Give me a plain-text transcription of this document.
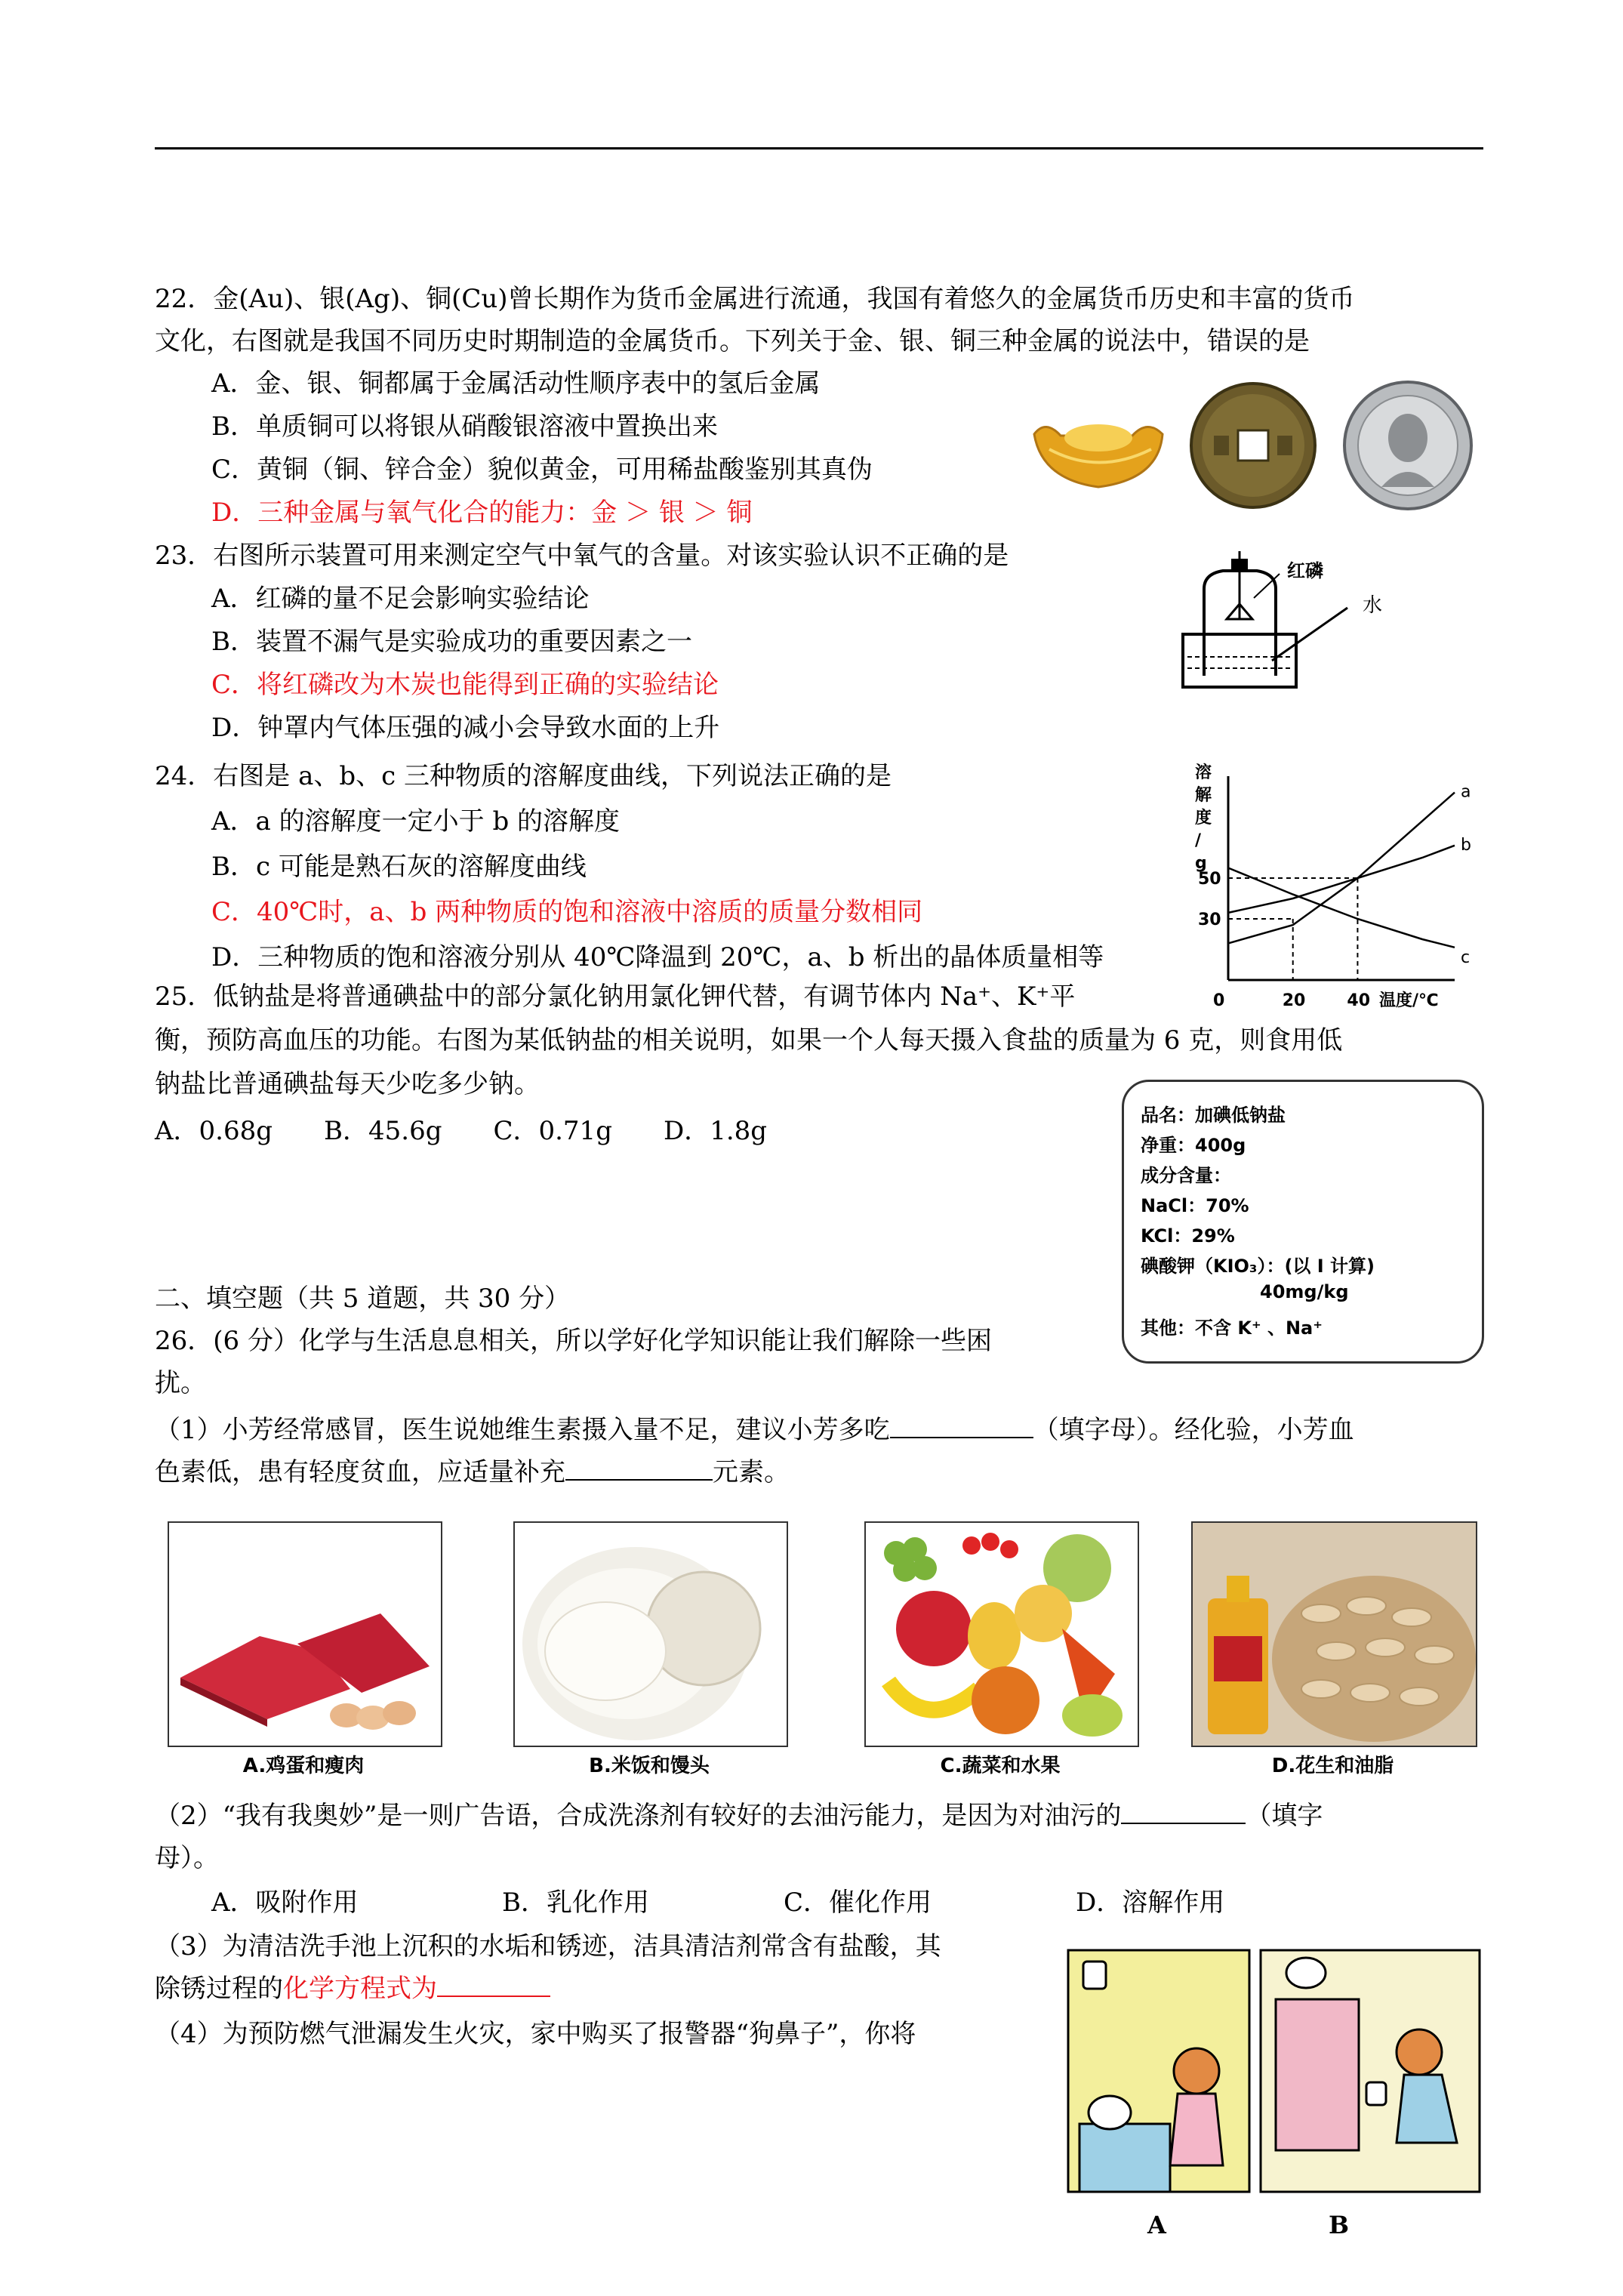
22．金(Au)、银(Ag)、铜(Cu)曾长期作为货币金属进行流通，我国有着悠久的金属货币历史和丰富的货币
文化，右图就是我国不同历史时期制造的金属货币。下列关于金、银、铜三种金属的说法中，错误的是
A．金、银、铜都属于金属活动性顺序表中的氢后金属
B．单质铜可以将银从硝酸银溶液中置换出来
C．黄铜（铜、锌合金）貌似黄金，可用稀盐酸鉴别其真伪
D．三种金属与氧气化合的能力：金 ＞ 银 ＞ 铜
23．右图所示装置可用来测定空气中氧气的含量。对该实验认识不正确的是
A．红磷的量不足会影响实验结论
B．装置不漏气是实验成功的重要因素之一
C．将红磷改为木炭也能得到正确的实验结论
D．钟罩内气体压强的减小会导致水面的上升
红磷
水
24．右图是 a、b、c 三种物质的溶解度曲线，下列说法正确的是
A．a 的溶解度一定小于 b 的溶解度
B．c 可能是熟石灰的溶解度曲线
C．40℃时，a、b 两种物质的饱和溶液中溶质的质量分数相同
D．三种物质的饱和溶液分别从 40℃降温到 20℃，a、b 析出的晶体质量相等
溶
解
度
/
g
温度/℃
0	20	40
30
50
a
b
c
25．低钠盐是将普通碘盐中的部分氯化钠用氯化钾代替，有调节体内 Na⁺、K⁺平
衡，预防高血压的功能。右图为某低钠盐的相关说明，如果一个人每天摄入食盐的质量为 6 克，则食用低
钠盐比普通碘盐每天少吃多少钠。
A．0.68g　　B．45.6g　　C．0.71g　　D．1.8g
品名：加碘低钠盐
净重：400g
成分含量：
NaCl：70%
KCl：29%
碘酸钾（KIO₃）：(以 I 计算)
40mg/kg
其他：不含 K⁺ 、Na⁺
二、填空题（共 5 道题，共 30 分）
26．(6 分）化学与生活息息相关，所以学好化学知识能让我们解除一些困
扰。
（1）小芳经常感冒，医生说她维生素摄入量不足，建议小芳多吃	（填字母）。经化验，小芳血
色素低，患有轻度贫血，应适量补充	元素。
A.鸡蛋和瘦肉	B.米饭和馒头	C.蔬菜和水果	D.花生和油脂
（2）“我有我奥妙”是一则广告语，合成洗涤剂有较好的去油污能力，是因为对油污的	（填字
母）。
A．吸附作用	B．乳化作用	C．催化作用	D．溶解作用
（3）为清洁洗手池上沉积的水垢和锈迹，洁具清洁剂常含有盐酸，其
除锈过程的化学方程式为
（4）为预防燃气泄漏发生火灾，家中购买了报警器“狗鼻子”，你将
A	B
